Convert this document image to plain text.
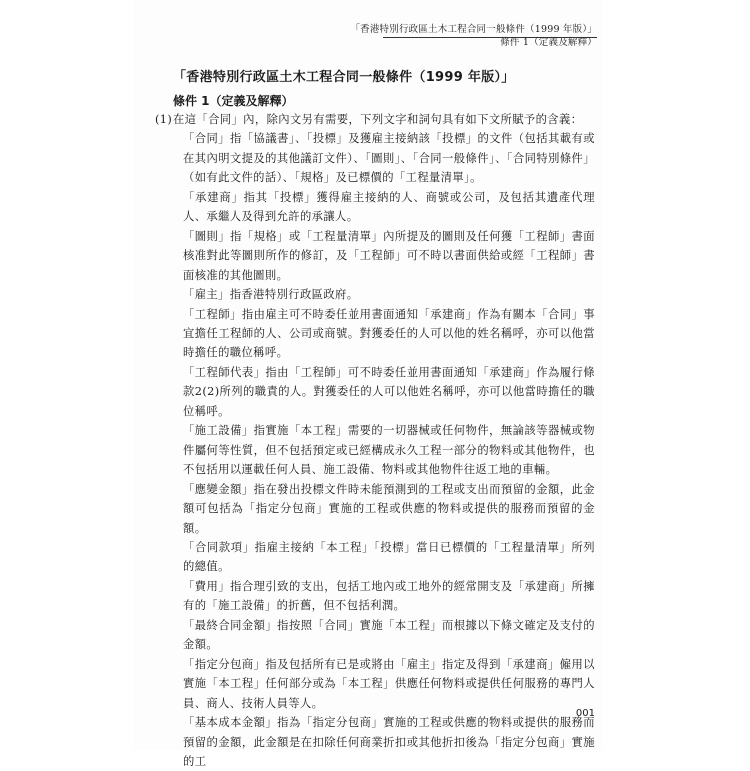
「香港特別行政區土木工程合同一般條件（1999 年版）」
條件 1（定義及解釋）
「香港特別行政區土木工程合同一般條件（1999 年版）」
條件 1（定義及解釋）
(1)在這「合同」內，除內文另有需要，下列文字和詞句具有如下文所賦予的含義：
「合同」指「協議書」、「投標」及獲雇主接納該「投標」的文件（包括其載有或在其內明文提及的其他議訂文件）、「圖則」、「合同一般條件」、「合同特別條件」（如有此文件的話）、「規格」及已標價的「工程量清單」。
「承建商」指其「投標」獲得雇主接納的人、商號或公司，及包括其遺產代理人、承繼人及得到允許的承讓人。
「圖則」指「規格」或「工程量清單」內所提及的圖則及任何獲「工程師」書面核准對此等圖則所作的修訂，及「工程師」可不時以書面供給或經「工程師」書面核准的其他圖則。
「雇主」指香港特別行政區政府。
「工程師」指由雇主可不時委任並用書面通知「承建商」作為有關本「合同」事宜擔任工程師的人、公司或商號。對獲委任的人可以他的姓名稱呼，亦可以他當時擔任的職位稱呼。
「工程師代表」指由「工程師」可不時委任並用書面通知「承建商」作為履行條款2(2)所列的職責的人。對獲委任的人可以他姓名稱呼，亦可以他當時擔任的職位稱呼。
「施工設備」指實施「本工程」需要的一切器械或任何物件，無論該等器械或物件屬何等性質，但不包括預定或已經構成永久工程一部分的物料或其他物件，也不包括用以運載任何人員、施工設備、物料或其他物件往返工地的車輛。
「應變金額」指在發出投標文件時未能預測到的工程或支出而預留的金額，此金額可包括為「指定分包商」實施的工程或供應的物料或提供的服務而預留的金額。
「合同款項」指雇主接納「本工程」「投標」當日已標價的「工程量清單」所列的總值。
「費用」指合理引致的支出，包括工地內或工地外的經常開支及「承建商」所擁有的「施工設備」的折舊，但不包括利潤。
「最終合同金額」指按照「合同」實施「本工程」而根據以下條文確定及支付的金額。
「指定分包商」指及包括所有已是或將由「雇主」指定及得到「承建商」僱用以實施「本工程」任何部分或為「本工程」供應任何物料或提供任何服務的專門人員、商人、技術人員等人。
「基本成本金額」指為「指定分包商」實施的工程或供應的物料或提供的服務而預留的金額，此金額是在扣除任何商業折扣或其他折扣後為「指定分包商」實施的工
001
